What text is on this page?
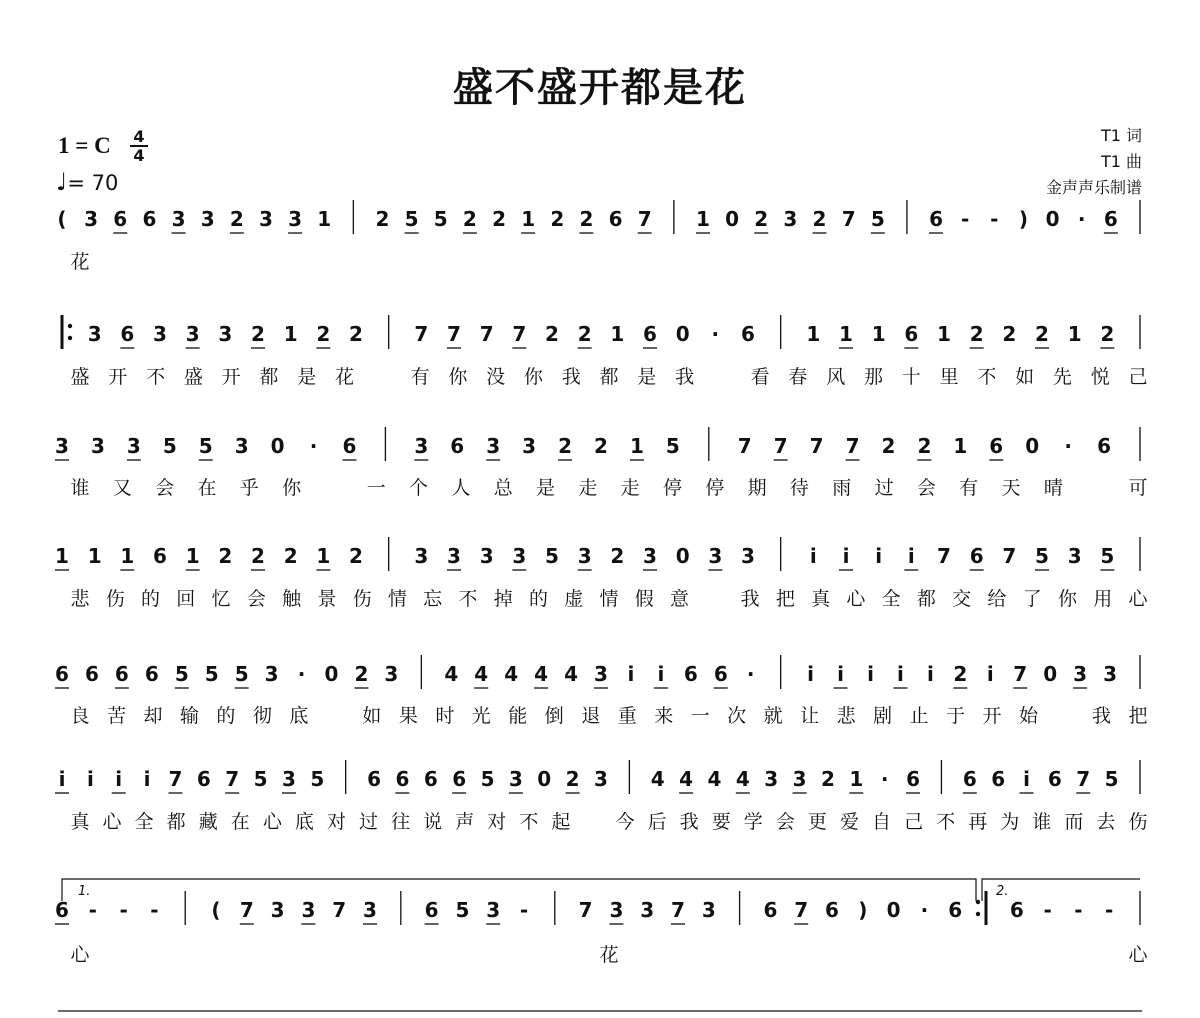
盛不盛开都是花
1 = C	4
4
♩= 70
T1 词
T1 曲
金声声乐制谱
( 3 6 6 3 3 2 3 3 1 2 5 5 2 2 1 2 2 6 7 1 0 2 3 2 7 5 6 - - ) 0 · 6
花
3 6 3 3 3 2 1 2 2	7 7 7 7 2 2 1 6 0 · 6	1 1 1 6 1 2 2 2 1 2
盛 开 不 盛 开 都 是 花	有 你 没 你 我 都 是 我	看 春 风 那 十 里 不 如 先 悦 己
3 3 3 5 5 3 0 · 6	3 6 3 3 2 2 1 5	7 7 7 7 2 2 1 6 0 · 6
谁 又 会 在 乎 你	一 个 人 总 是 走 走 停 停 期 待 雨 过 会 有 天 晴	可
1 1 1 6 1 2 2 2 1 2	3 3 3 3 5 3 2 3 0 3 3	i i i i 7 6 7 5 3 5
悲 伤 的 回 忆 会 触 景 伤 情 忘 不 掉 的 虚 情 假 意	我 把 真 心 全 都 交 给 了 你 用 心
6 6 6 6 5 5 5 3 · 0 2 3 4 4 4 4 4 3 i i 6 6 ·	i i i i i 2 i 7 0 3 3
良 苦 却 输 的 彻 底	如 果 时 光 能 倒 退 重 来 一 次 就 让 悲 剧 止 于 开 始	我 把
i i i i 7 6 7 5 3 5 6 6 6 6 5 3 0 2 3 4 4 4 4 3 3 2 1 · 6 6 6 i 6 7 5
真 心 全 都 藏 在 心 底 对 过 往 说 声 对 不 起 今 后 我 要 学 会 更 爱 自 己 不 再 为 谁 而 去 伤
6 - - -	( 7 3 3 7 3 6 5 3 -	7 3 3 7 3 6 7 6 ) 0 · 6 6 - - -
心	花	心
1.	2.
